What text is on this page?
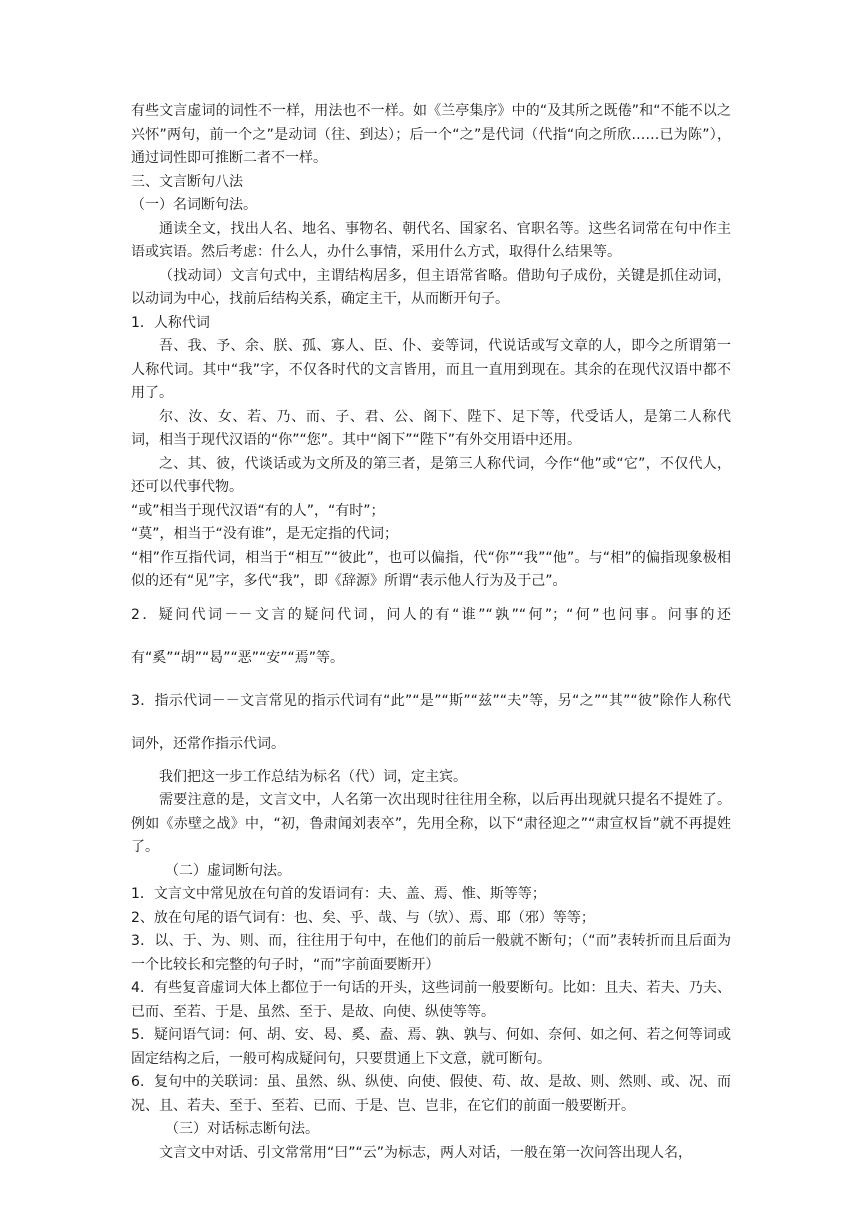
有些文言虚词的词性不一样，用法也不一样。如《兰亭集序》中的“及其所之既倦”和“不能不以之兴怀”两句，前一个之”是动词（往、到达）；后一个“之”是代词（代指“向之所欣……已为陈”），通过词性即可推断二者不一样。

三、文言断句八法

（一）名词断句法。

通读全文，找出人名、地名、事物名、朝代名、国家名、官职名等。这些名词常在句中作主语或宾语。然后考虑：什么人，办什么事情，采用什么方式，取得什么结果等。

（找动词）文言句式中，主谓结构居多，但主语常省略。借助句子成份，关键是抓住动词，以动词为中心，找前后结构关系，确定主干，从而断开句子。

1．人称代词

吾、我、予、余、朕、孤、寡人、臣、仆、妾等词，代说话或写文章的人，即今之所谓第一人称代词。其中“我”字，不仅各时代的文言皆用，而且一直用到现在。其余的在现代汉语中都不用了。

尔、汝、女、若、乃、而、子、君、公、阁下、陛下、足下等，代受话人，是第二人称代词，相当于现代汉语的“你”“您”。其中“阁下”“陛下”有外交用语中还用。

之、其、彼，代谈话或为文所及的第三者，是第三人称代词，今作“他”或“它”，不仅代人，还可以代事代物。

“或”相当于现代汉语“有的人”，“有时”；

“莫”，相当于“没有谁”，是无定指的代词；

“相”作互指代词，相当于“相互”“彼此”，也可以偏指，代“你”“我”“他”。与“相”的偏指现象极相似的还有“见”字，多代“我”，即《辞源》所谓“表示他人行为及于己”。

2．疑问代词－－文言的疑问代词，问人的有“谁”“孰”“何”；“何”也问事。问事的还有“奚”“胡”“曷”“恶”“安”“焉”等。

3．指示代词－－文言常见的指示代词有“此”“是”“斯”“兹”“夫”等，另“之”“其”“彼”除作人称代词外，还常作指示代词。

我们把这一步工作总结为标名（代）词，定主宾。

需要注意的是，文言文中，人名第一次出现时往往用全称，以后再出现就只提名不提姓了。例如《赤壁之战》中，“初，鲁肃闻刘表卒”，先用全称，以下“肃径迎之”“肃宣权旨”就不再提姓了。

（二）虚词断句法。

1．文言文中常见放在句首的发语词有：夫、盖、焉、惟、斯等等；

2、放在句尾的语气词有：也、矣、乎、哉、与（欤）、焉、耶（邪）等等；

3．以、于、为、则、而，往往用于句中，在他们的前后一般就不断句；（“而”表转折而且后面为一个比较长和完整的句子时，“而”字前面要断开）

4．有些复音虚词大体上都位于一句话的开头，这些词前一般要断句。比如：且夫、若夫、乃夫、已而、至若、于是、虽然、至于、是故、向使、纵使等等。

5．疑问语气词：何、胡、安、曷、奚、盍、焉、孰、孰与、何如、奈何、如之何、若之何等词或固定结构之后，一般可构成疑问句，只要贯通上下文意，就可断句。

6．复句中的关联词：虽、虽然、纵、纵使、向使、假使、苟、故、是故、则、然则、或、况、而况、且、若夫、至于、至若、已而、于是、岂、岂非，在它们的前面一般要断开。

（三）对话标志断句法。

文言文中对话、引文常常用“曰”“云”为标志，两人对话，一般在第一次问答出现人名，
